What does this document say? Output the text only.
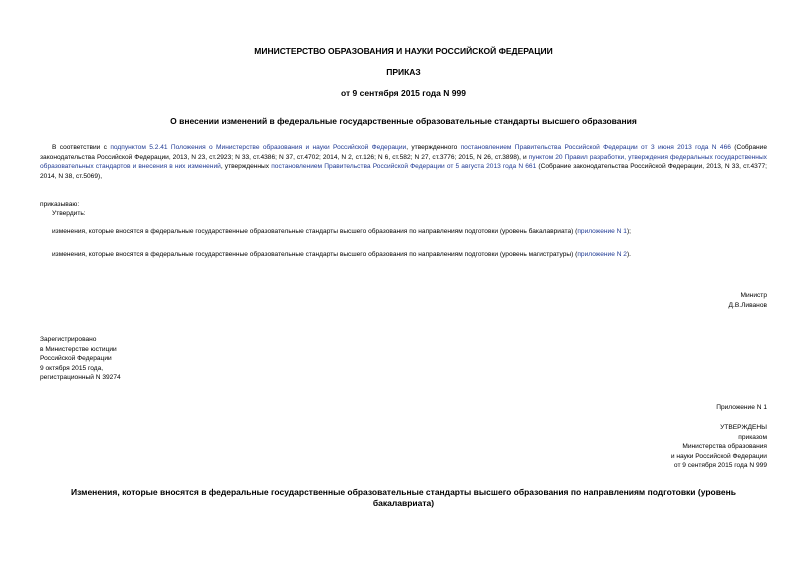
МИНИСТЕРСТВО ОБРАЗОВАНИЯ И НАУКИ РОССИЙСКОЙ ФЕДЕРАЦИИ
ПРИКАЗ
от 9 сентября 2015 года N 999
О внесении изменений в федеральные государственные образовательные стандарты высшего образования
В соответствии с подпунктом 5.2.41 Положения о Министерстве образования и науки Российской Федерации, утвержденного постановлением Правительства Российской Федерации от 3 июня 2013 года N 466 (Собрание законодательства Российской Федерации, 2013, N 23, ст.2923; N 33, ст.4386; N 37, ст.4702; 2014, N 2, ст.126; N 6, ст.582; N 27, ст.3776; 2015, N 26, ст.3898), и пунктом 20 Правил разработки, утверждения федеральных государственных образовательных стандартов и внесения в них изменений, утвержденных постановлением Правительства Российской Федерации от 5 августа 2013 года N 661 (Собрание законодательства Российской Федерации, 2013, N 33, ст.4377; 2014, N 38, ст.5069),
приказываю:
Утвердить:
изменения, которые вносятся в федеральные государственные образовательные стандарты высшего образования по направлениям подготовки (уровень бакалавриата) (приложение N 1);
изменения, которые вносятся в федеральные государственные образовательные стандарты высшего образования по направлениям подготовки (уровень магистратуры) (приложение N 2).
Министр
Д.В.Ливанов
Зарегистрировано
в Министерстве юстиции
Российской Федерации
9 октября 2015 года,
регистрационный N 39274
Приложение N 1
УТВЕРЖДЕНЫ
приказом
Министерства образования
и науки Российской Федерации
от 9 сентября 2015 года N 999
Изменения, которые вносятся в федеральные государственные образовательные стандарты высшего образования по направлениям подготовки (уровень бакалавриата)
